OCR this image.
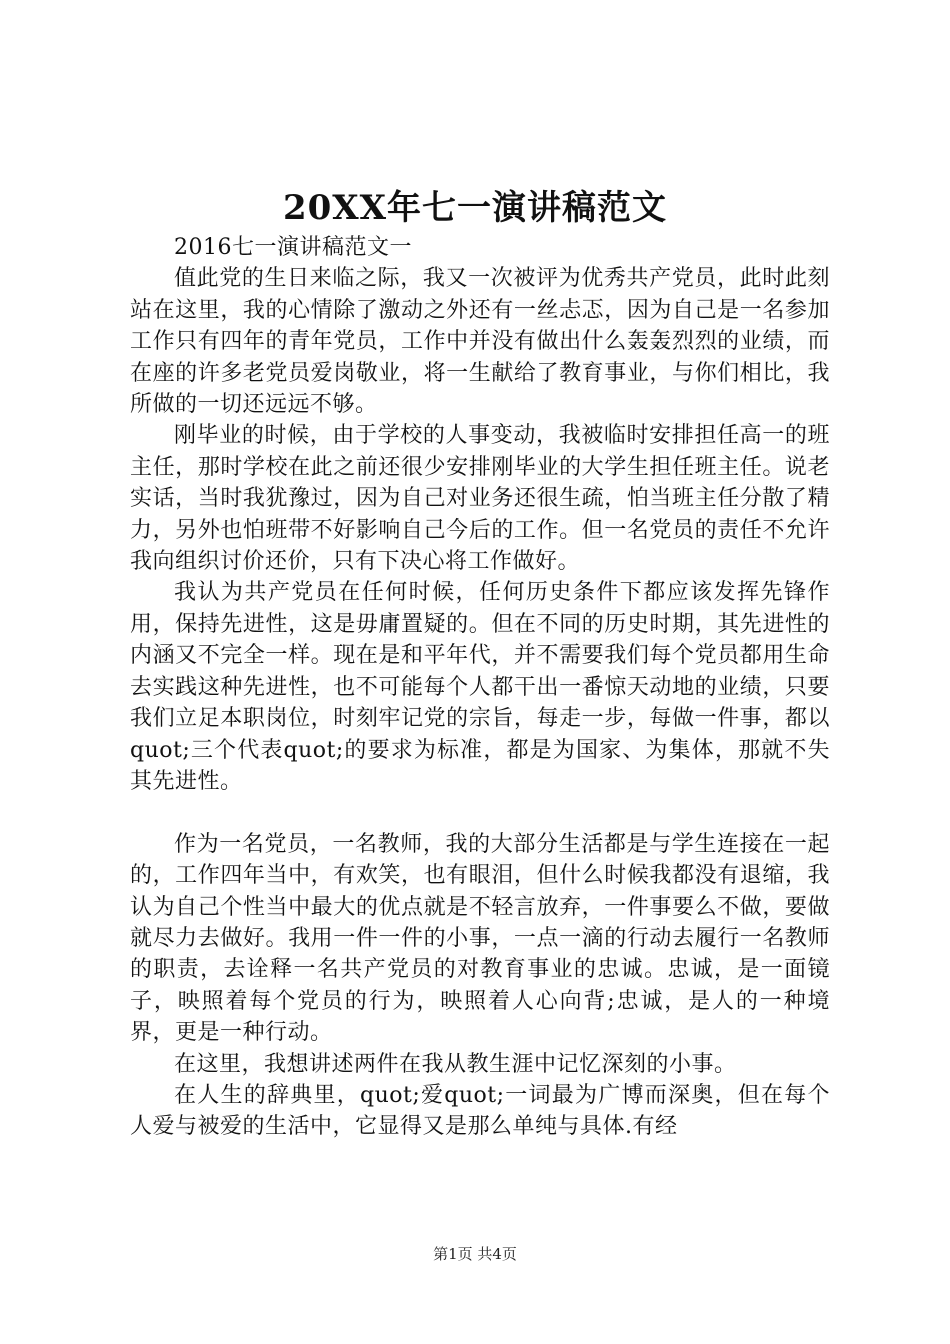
20XX年七一演讲稿范文

2016七一演讲稿范文一

值此党的生日来临之际，我又一次被评为优秀共产党员，此时此刻站在这里，我的心情除了激动之外还有一丝忐忑，因为自己是一名参加工作只有四年的青年党员，工作中并没有做出什么轰轰烈烈的业绩，而在座的许多老党员爱岗敬业，将一生献给了教育事业，与你们相比，我所做的一切还远远不够。

刚毕业的时候，由于学校的人事变动，我被临时安排担任高一的班主任，那时学校在此之前还很少安排刚毕业的大学生担任班主任。说老实话，当时我犹豫过，因为自己对业务还很生疏，怕当班主任分散了精力，另外也怕班带不好影响自己今后的工作。但一名党员的责任不允许我向组织讨价还价，只有下决心将工作做好。

我认为共产党员在任何时候，任何历史条件下都应该发挥先锋作用，保持先进性，这是毋庸置疑的。但在不同的历史时期，其先进性的内涵又不完全一样。现在是和平年代，并不需要我们每个党员都用生命去实践这种先进性，也不可能每个人都干出一番惊天动地的业绩，只要我们立足本职岗位，时刻牢记党的宗旨，每走一步，每做一件事，都以quot;三个代表quot;的要求为标准，都是为国家、为集体，那就不失其先进性。

作为一名党员，一名教师，我的大部分生活都是与学生连接在一起的，工作四年当中，有欢笑，也有眼泪，但什么时候我都没有退缩，我认为自己个性当中最大的优点就是不轻言放弃，一件事要么不做，要做就尽力去做好。我用一件一件的小事，一点一滴的行动去履行一名教师的职责，去诠释一名共产党员的对教育事业的忠诚。忠诚，是一面镜子，映照着每个党员的行为，映照着人心向背;忠诚，是人的一种境界，更是一种行动。

在这里，我想讲述两件在我从教生涯中记忆深刻的小事。

在人生的辞典里，quot;爱quot;一词最为广博而深奥，但在每个人爱与被爱的生活中，它显得又是那么单纯与具体.有经

第1页 共4页
